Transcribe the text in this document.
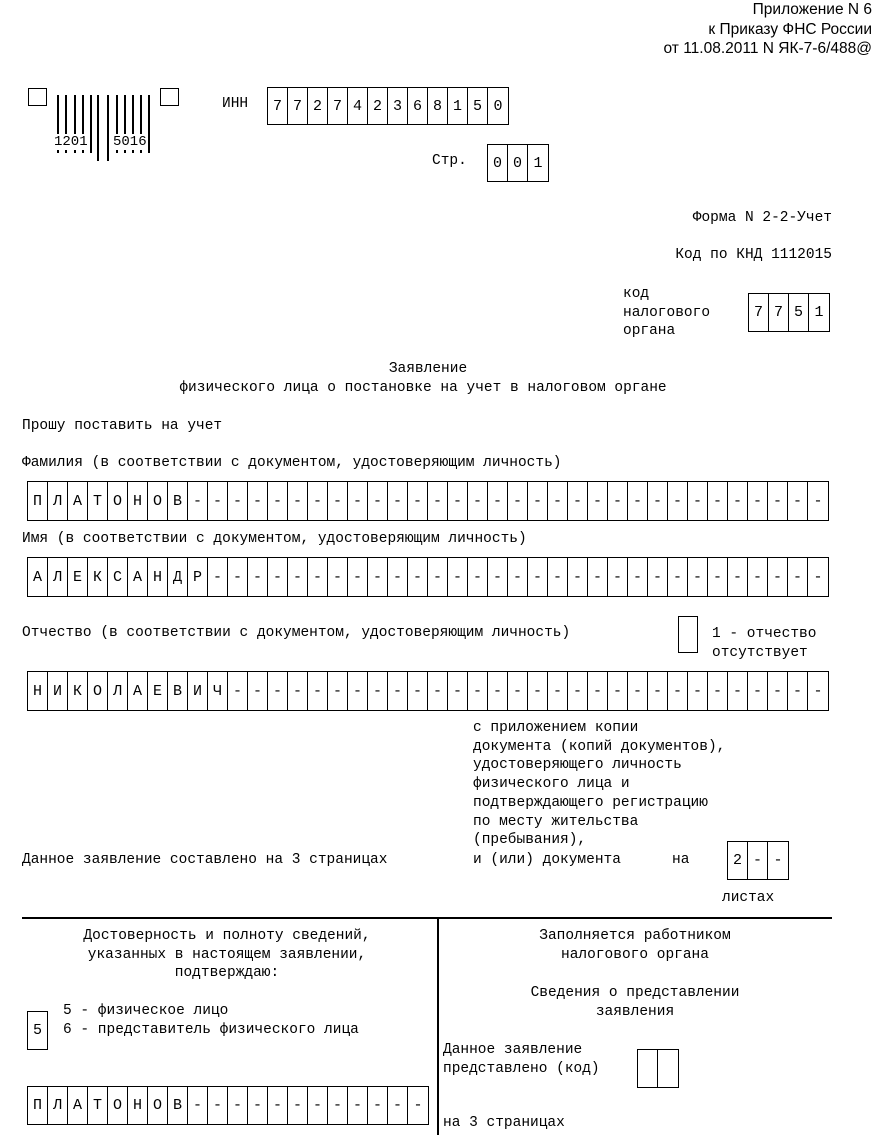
Приложение N 6
к Приказу ФНС России
от 11.08.2011 N ЯК-7-6/488@
1201 5016
ИНН	7 7 2 7 4 2 3 6 8 1 5 0
Стр.	0 0 1
Форма N 2-2-Учет
Код по КНД 1112015
код
налогового
органа
7 7 5 1
Заявление
физического лица о постановке на учет в налоговом органе
Прошу поставить на учет
Фамилия (в соответствии с документом, удостоверяющим личность)
П Л А Т О Н О В - - - - - - - - - - - - - - - - - - - - - - - - - - - - - - - -
Имя (в соответствии с документом, удостоверяющим личность)
А Л Е К С А Н Д Р - - - - - - - - - - - - - - - - - - - - - - - - - - - - - - -
Отчество (в соответствии с документом, удостоверяющим личность)	1 - отчество
отсутствует
Н И К О Л А Е В И Ч - - - - - - - - - - - - - - - - - - - - - - - - - - - - - -
с приложением копии
документа (копий документов),
удостоверяющего личность
физического лица и
подтверждающего регистрацию
по месту жительства
(пребывания),
Данное заявление составлено на 3 страницах	и (или) документа	на	2 - -
листах
Достоверность и полноту сведений,
указанных в настоящем заявлении,
подтверждаю:
5
5 - физическое лицо
6 - представитель физического лица
П Л А Т О Н О В - - - - - - - - - - - -
Заполняется работником
налогового органа
Сведения о представлении
заявления
Данное заявление
представлено (код)
на 3 страницах
